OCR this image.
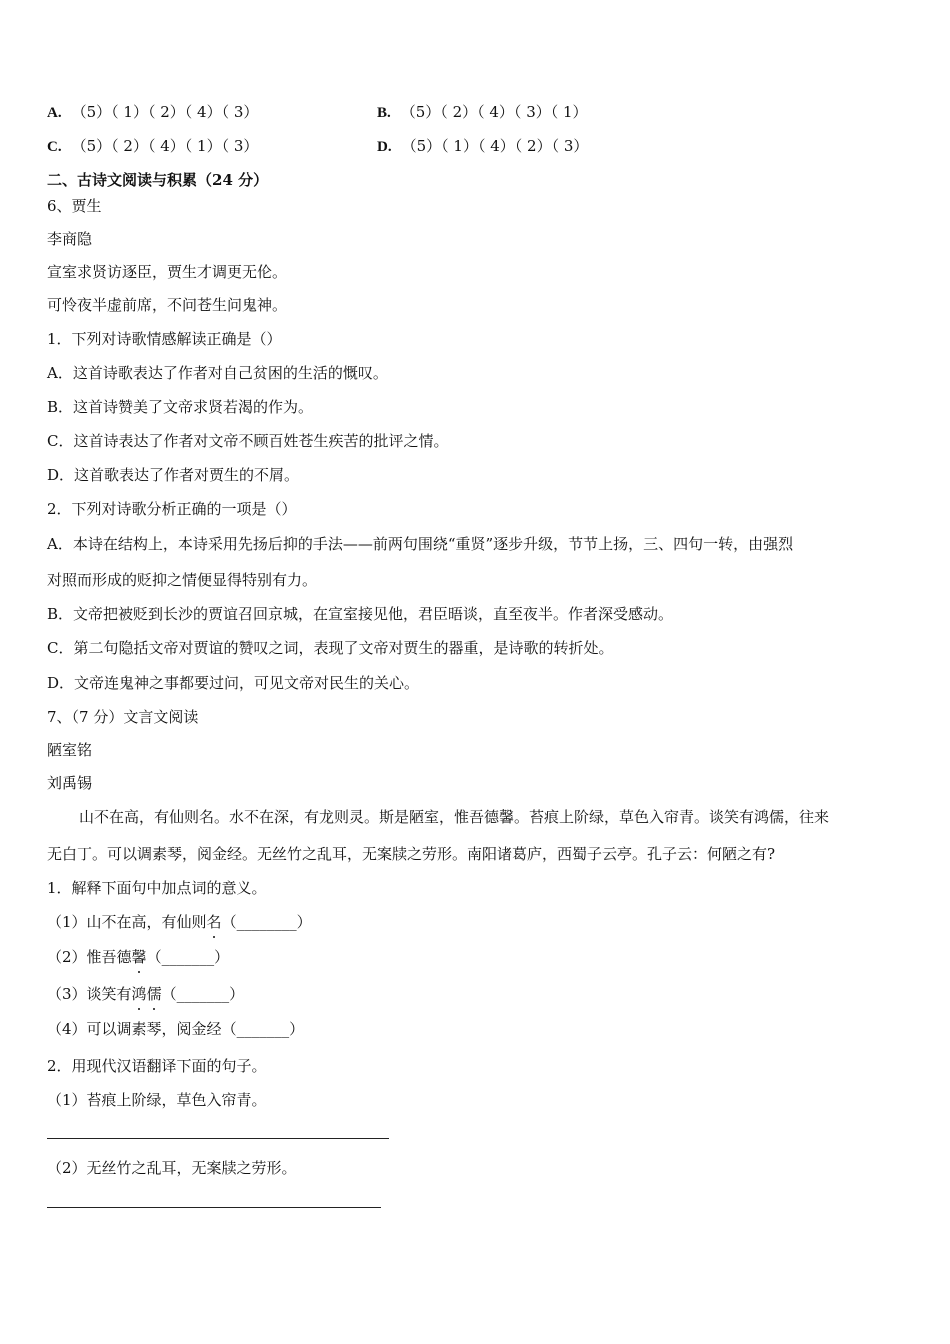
A. （5）（ 1）（ 2）（ 4）（ 3）	B. （5）（ 2）（ 4）（ 3）（ 1）
C. （5）（ 2）（ 4）（ 1）（ 3）	D. （5）（ 1）（ 4）（ 2）（ 3）
二、古诗文阅读与积累（24 分）
6、贾生
李商隐
宣室求贤访逐臣，贾生才调更无伦。
可怜夜半虚前席，不问苍生问鬼神。
1．下列对诗歌情感解读正确是（）
A．这首诗歌表达了作者对自己贫困的生活的慨叹。
B．这首诗赞美了文帝求贤若渴的作为。
C．这首诗表达了作者对文帝不顾百姓苍生疾苦的批评之情。
D．这首歌表达了作者对贾生的不屑。
2．下列对诗歌分析正确的一项是（）
A．本诗在结构上，本诗采用先扬后抑的手法——前两句围绕“重贤”逐步升级，节节上扬，三、四句一转，由强烈
对照而形成的贬抑之情便显得特别有力。
B．文帝把被贬到长沙的贾谊召回京城，在宣室接见他，君臣晤谈，直至夜半。作者深受感动。
C．第二句隐括文帝对贾谊的赞叹之词，表现了文帝对贾生的器重，是诗歌的转折处。
D．文帝连鬼神之事都要过问，可见文帝对民生的关心。
7、（7 分）文言文阅读
陋室铭
刘禹锡
山不在高，有仙则名。水不在深，有龙则灵。斯是陋室，惟吾德馨。苔痕上阶绿，草色入帘青。谈笑有鸿儒，往来
无白丁。可以调素琴，阅金经。无丝竹之乱耳，无案牍之劳形。南阳诸葛庐，西蜀子云亭。孔子云：何陋之有?
1．解释下面句中加点词的意义。
（1）山不在高，有仙则名（________）
（2）惟吾德馨（_______）
（3）谈笑有鸿儒（_______）
（4）可以调素琴，阅金经（_______）
2．用现代汉语翻译下面的句子。
（1）苔痕上阶绿，草色入帘青。
（2）无丝竹之乱耳，无案牍之劳形。
